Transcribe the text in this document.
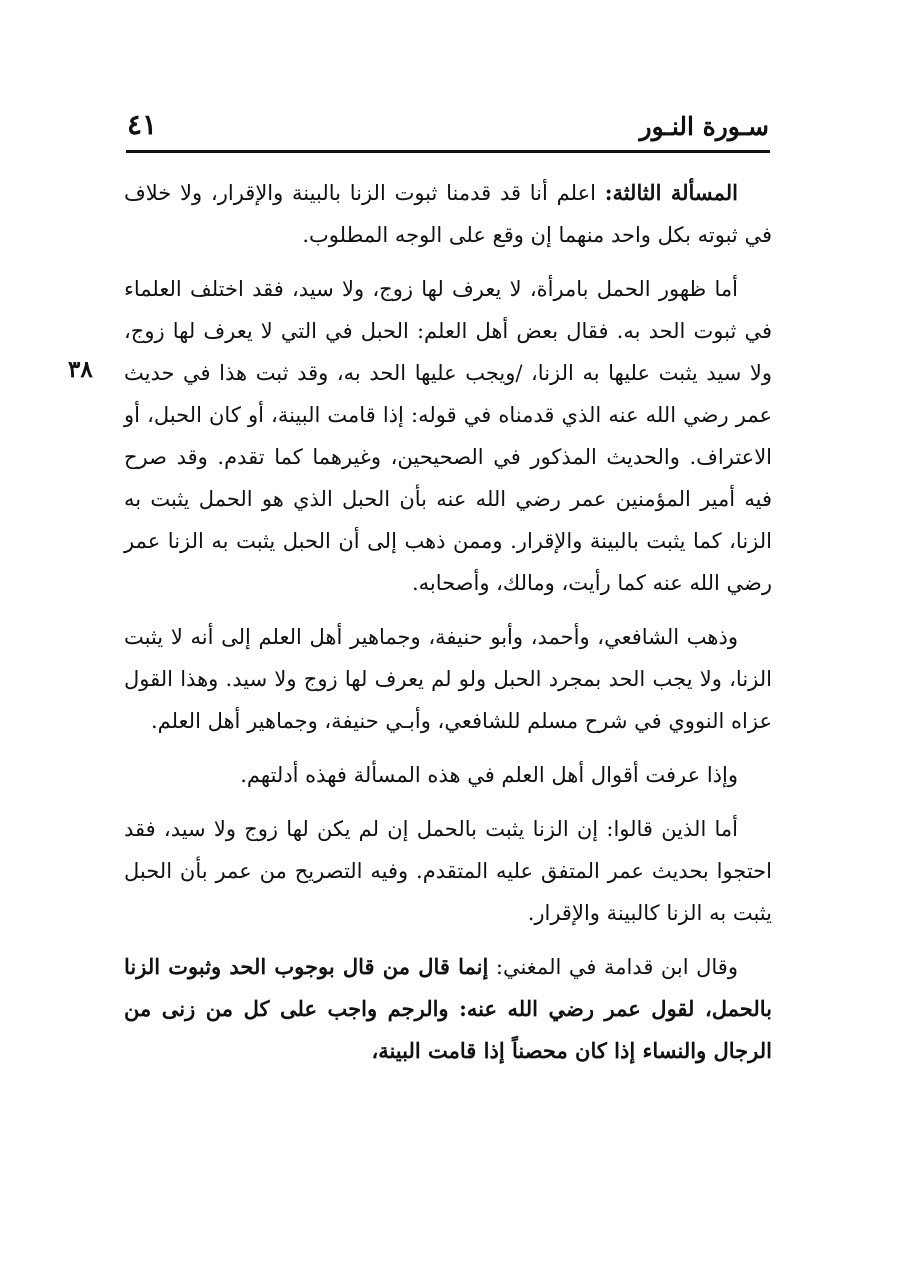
سـورة النـور
٤١
٣٨

المسألة الثالثة: اعلم أنا قد قدمنا ثبوت الزنا بالبينة والإقرار، ولا خلاف في ثبوته بكل واحد منهما إن وقع على الوجه المطلوب.

أما ظهور الحمل بامرأة، لا يعرف لها زوج، ولا سيد، فقد اختلف العلماء في ثبوت الحد به. فقال بعض أهل العلم: الحبل في التي لا يعرف لها زوج، ولا سيد يثبت عليها به الزنا، /ويجب عليها الحد به، وقد ثبت هذا في حديث عمر رضي الله عنه الذي قدمناه في قوله: إذا قامت البينة، أو كان الحبل، أو الاعتراف. والحديث المذكور في الصحيحين، وغيرهما كما تقدم. وقد صرح فيه أمير المؤمنين عمر رضي الله عنه بأن الحبل الذي هو الحمل يثبت به الزنا، كما يثبت بالبينة والإقرار. وممن ذهب إلى أن الحبل يثبت به الزنا عمر رضي الله عنه كما رأيت، ومالك، وأصحابه.

وذهب الشافعي، وأحمد، وأبو حنيفة، وجماهير أهل العلم إلى أنه لا يثبت الزنا، ولا يجب الحد بمجرد الحبل ولو لم يعرف لها زوج ولا سيد. وهذا القول عزاه النووي في شرح مسلم للشافعي، وأبـي حنيفة، وجماهير أهل العلم.

وإذا عرفت أقوال أهل العلم في هذه المسألة فهذه أدلتهم.

أما الذين قالوا: إن الزنا يثبت بالحمل إن لم يكن لها زوج ولا سيد، فقد احتجوا بحديث عمر المتفق عليه المتقدم. وفيه التصريح من عمر بأن الحبل يثبت به الزنا كالبينة والإقرار.

وقال ابن قدامة في المغني: إنما قال من قال بوجوب الحد وثبوت الزنا بالحمل، لقول عمر رضي الله عنه: والرجم واجب على كل من زنى من الرجال والنساء إذا كان محصناً إذا قامت البينة،
